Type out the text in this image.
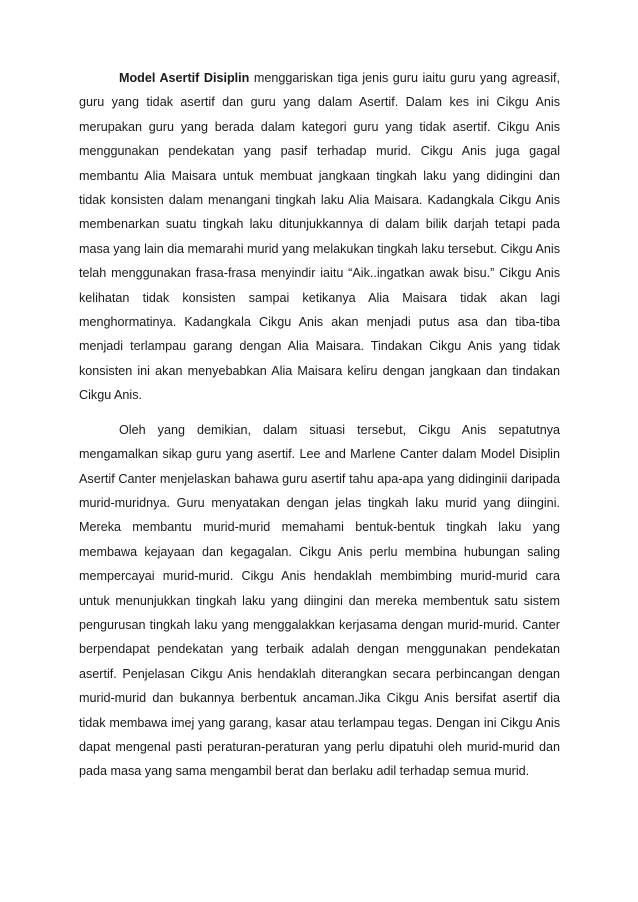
Model Asertif Disiplin menggariskan tiga jenis guru iaitu guru yang agreasif, guru yang tidak asertif dan guru yang dalam Asertif. Dalam kes ini Cikgu Anis merupakan guru yang berada dalam kategori guru yang tidak asertif. Cikgu Anis menggunakan pendekatan yang pasif terhadap murid. Cikgu Anis juga gagal membantu Alia Maisara untuk membuat jangkaan tingkah laku yang didingini dan tidak konsisten dalam menangani tingkah laku Alia Maisara. Kadangkala Cikgu Anis membenarkan suatu tingkah laku ditunjukkannya di dalam bilik darjah tetapi pada masa yang lain dia memarahi murid yang melakukan tingkah laku tersebut. Cikgu Anis telah menggunakan frasa-frasa menyindir iaitu “Aik..ingatkan awak bisu.” Cikgu Anis kelihatan tidak konsisten sampai ketikanya Alia Maisara tidak akan lagi menghormatinya. Kadangkala Cikgu Anis akan menjadi putus asa dan tiba-tiba menjadi terlampau garang dengan Alia Maisara. Tindakan Cikgu Anis yang tidak konsisten ini akan menyebabkan Alia Maisara keliru dengan jangkaan dan tindakan Cikgu Anis.

Oleh yang demikian, dalam situasi tersebut, Cikgu Anis sepatutnya mengamalkan sikap guru yang asertif. Lee and Marlene Canter dalam Model Disiplin Asertif Canter menjelaskan bahawa guru asertif tahu apa-apa yang didinginii daripada murid-muridnya. Guru menyatakan dengan jelas tingkah laku murid yang diingini. Mereka membantu murid-murid memahami bentuk-bentuk tingkah laku yang membawa kejayaan dan kegagalan. Cikgu Anis perlu membina hubungan saling mempercayai murid-murid. Cikgu Anis hendaklah membimbing murid-murid cara untuk menunjukkan tingkah laku yang diingini dan mereka membentuk satu sistem pengurusan tingkah laku yang menggalakkan kerjasama dengan murid-murid. Canter berpendapat pendekatan yang terbaik adalah dengan menggunakan pendekatan asertif. Penjelasan Cikgu Anis hendaklah diterangkan secara perbincangan dengan murid-murid dan bukannya berbentuk ancaman.Jika Cikgu Anis bersifat asertif dia tidak membawa imej yang garang, kasar atau terlampau tegas. Dengan ini Cikgu Anis dapat mengenal pasti peraturan-peraturan yang perlu dipatuhi oleh murid-murid dan pada masa yang sama mengambil berat dan berlaku adil terhadap semua murid.
